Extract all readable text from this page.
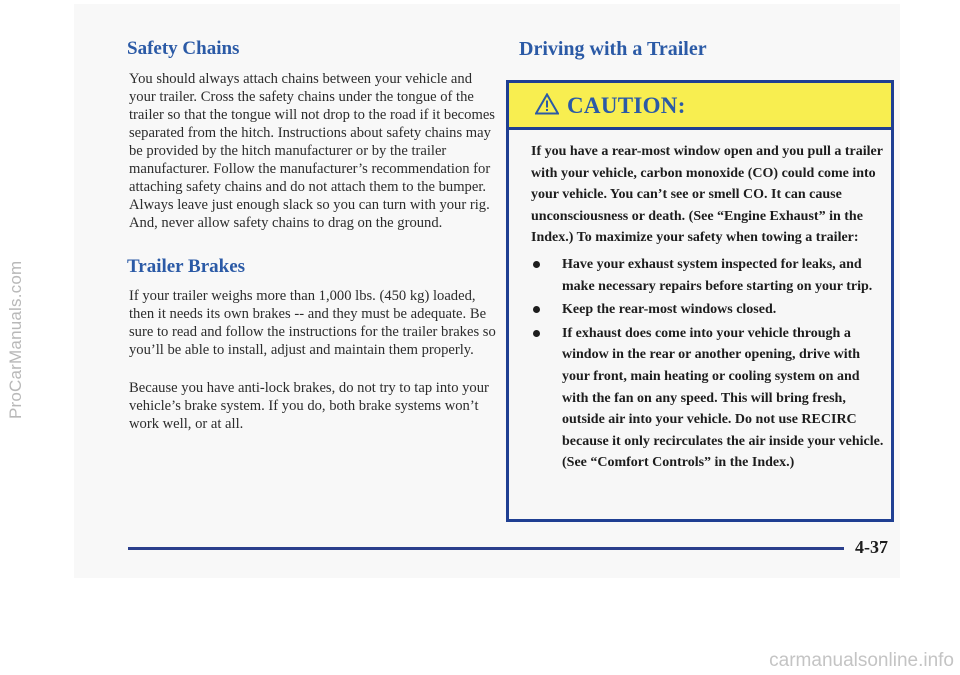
ProCarManuals.com
Safety Chains

You should always attach chains between your vehicle and your trailer. Cross the safety chains under the tongue of the trailer so that the tongue will not drop to the road if it becomes separated from the hitch. Instructions about safety chains may be provided by the hitch manufacturer or by the trailer manufacturer. Follow the manufacturer’s recommendation for attaching safety chains and do not attach them to the bumper. Always leave just enough slack so you can turn with your rig. And, never allow safety chains to drag on the ground.

Trailer Brakes

If your trailer weighs more than 1,000 lbs. (450 kg) loaded, then it needs its own brakes -- and they must be adequate. Be sure to read and follow the instructions for the trailer brakes so you’ll be able to install, adjust and maintain them properly.

Because you have anti-lock brakes, do not try to tap into your vehicle’s brake system. If you do, both brake systems won’t work well, or at all.

Driving with a Trailer
CAUTION:

If you have a rear-most window open and you pull a trailer with your vehicle, carbon monoxide (CO) could come into your vehicle. You can’t see or smell CO. It can cause unconsciousness or death. (See “Engine Exhaust” in the Index.) To maximize your safety when towing a trailer:

Have your exhaust system inspected for leaks, and make necessary repairs before starting on your trip.
Keep the rear-most windows closed.
If exhaust does come into your vehicle through a window in the rear or another opening, drive with your front, main heating or cooling system on and with the fan on any speed. This will bring fresh, outside air into your vehicle. Do not use RECIRC because it only recirculates the air inside your vehicle. (See “Comfort Controls” in the Index.)
4-37
carmanualsonline.info
